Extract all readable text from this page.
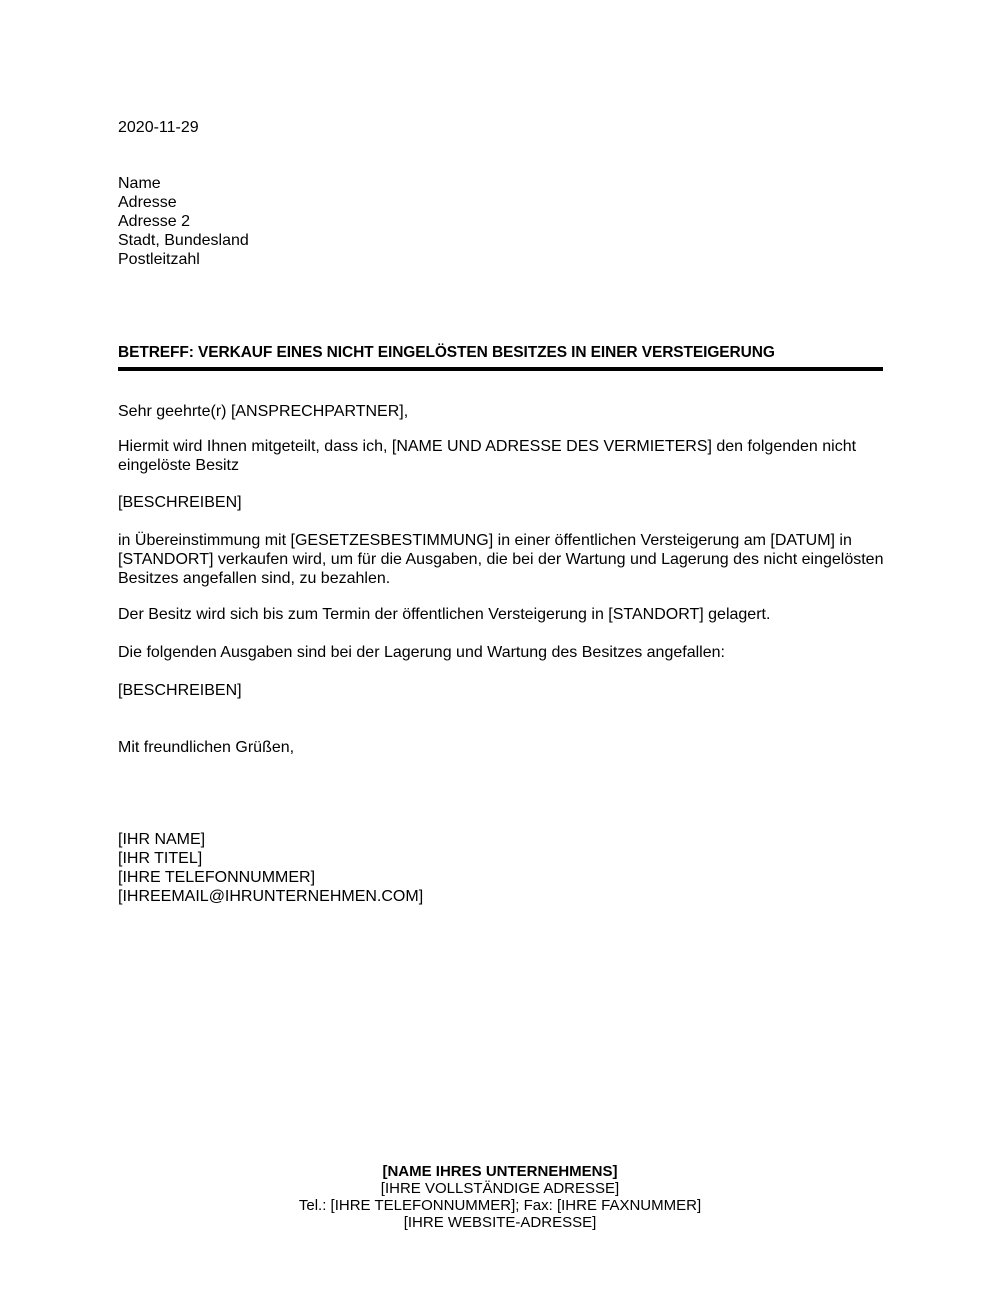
2020-11-29
Name
Adresse
Adresse 2
Stadt, Bundesland
Postleitzahl
BETREFF: VERKAUF EINES NICHT EINGELÖSTEN BESITZES IN EINER VERSTEIGERUNG
Sehr geehrte(r) [ANSPRECHPARTNER],
Hiermit wird Ihnen mitgeteilt, dass ich, [NAME UND ADRESSE DES VERMIETERS] den folgenden nicht eingelöste Besitz
[BESCHREIBEN]
in Übereinstimmung mit [GESETZESBESTIMMUNG] in einer öffentlichen Versteigerung am [DATUM] in [STANDORT] verkaufen wird, um für die Ausgaben, die bei der Wartung und Lagerung des nicht eingelösten Besitzes angefallen sind, zu bezahlen.
Der Besitz wird sich bis zum Termin der öffentlichen Versteigerung in [STANDORT] gelagert.
Die folgenden Ausgaben sind bei der Lagerung und Wartung des Besitzes angefallen:
[BESCHREIBEN]
Mit freundlichen Grüßen,
[IHR NAME]
[IHR TITEL]
[IHRE TELEFONNUMMER]
[IHREEMAIL@IHRUNTERNEHMEN.COM]
[NAME IHRES UNTERNEHMENS]
[IHRE VOLLSTÄNDIGE ADRESSE]
Tel.: [IHRE TELEFONNUMMER]; Fax: [IHRE FAXNUMMER]
[IHRE WEBSITE-ADRESSE]
